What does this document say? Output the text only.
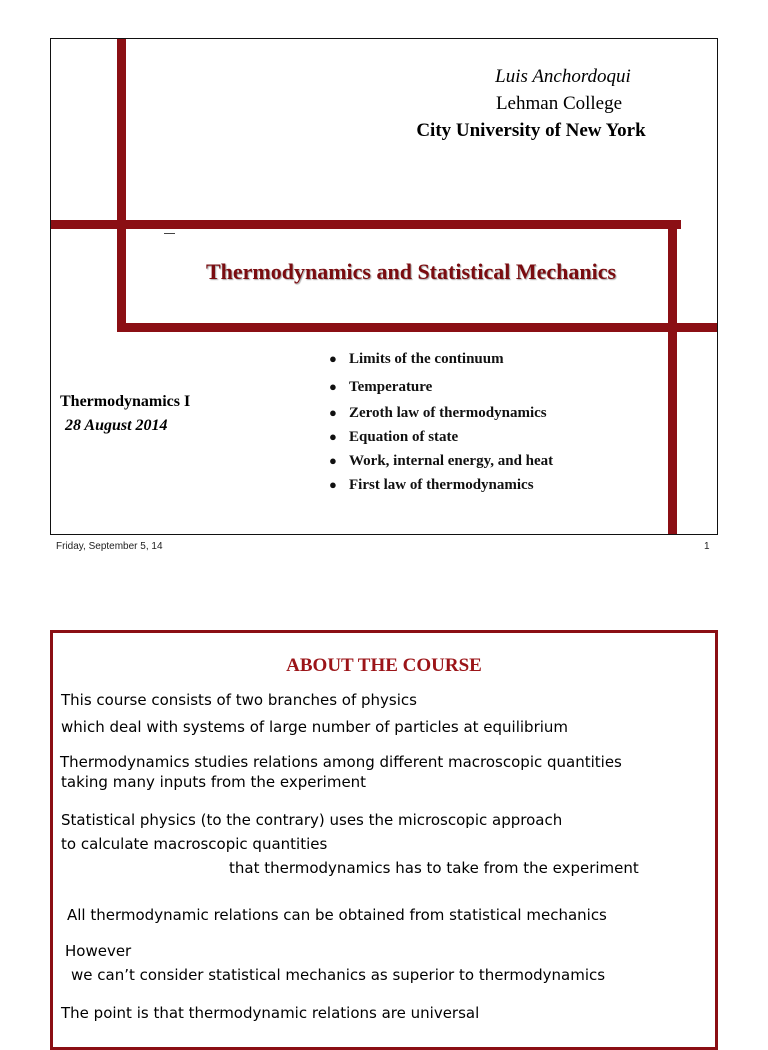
Luis Anchordoqui
Lehman College
City University of New York
Thermodynamics and Statistical Mechanics
Thermodynamics I
28 August 2014
● Limits of the continuum
● Temperature
● Zeroth law of thermodynamics
● Equation of state
● Work, internal energy, and heat
● First law of thermodynamics
Friday, September 5, 14	1
ABOUT THE COURSE
This course consists of two branches of physics
which deal with systems of large number of particles at equilibrium
Thermodynamics studies relations among different macroscopic quantities
taking many inputs from the experiment
Statistical physics (to the contrary) uses the microscopic approach
to calculate macroscopic quantities
that thermodynamics has to take from the experiment
All thermodynamic relations can be obtained from statistical mechanics
However
we can’t consider statistical mechanics as superior to thermodynamics
The point is that thermodynamic relations are universal
